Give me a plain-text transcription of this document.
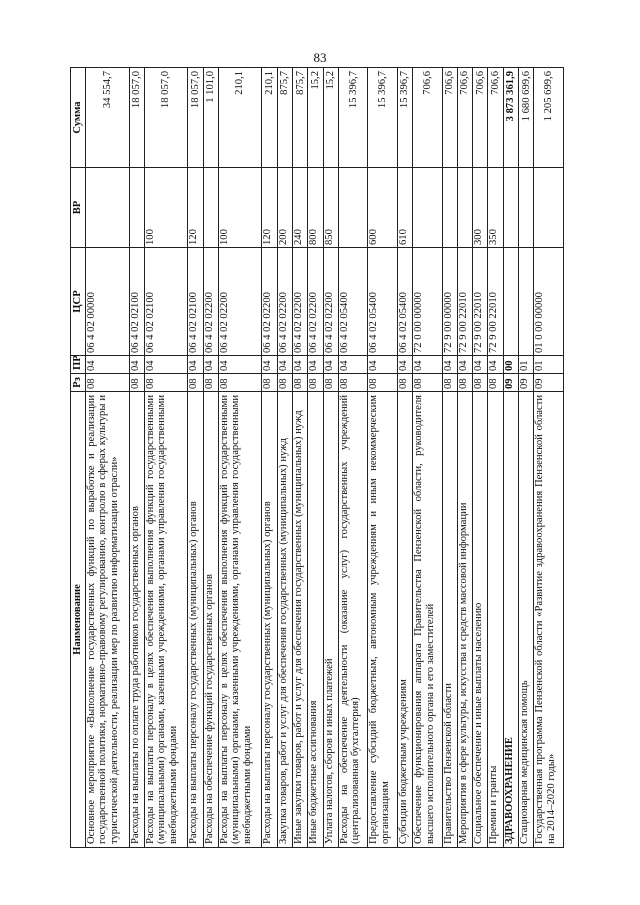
83
Наименование	Рз	ПР	ЦСР	ВР	Сумма
Основное мероприятие «Выполнение государственных функций по выработке и реализации государственной политики, нормативно-правовому регулированию, контролю в сферах культуры и туристической деятельности, реализации мер по развитию информатизации отрасли»	08	04	06 4 02 00000		34 554,7
Расходы на выплаты по оплате труда работников государственных органов	08	04	06 4 02 02100		18 057,0
Расходы на выплаты персоналу в целях обеспечения выполнения функций государственными (муниципальными) органами, казенными учреждениями, органами управления государственными внебюджетными фондами	08	04	06 4 02 02100	100	18 057,0
Расходы на выплаты персоналу государственных (муниципальных) органов	08	04	06 4 02 02100	120	18 057,0
Расходы на обеспечение функций государственных органов	08	04	06 4 02 02200		1 101,0
Расходы на выплаты персоналу в целях обеспечения выполнения функций государственными (муниципальными) органами, казенными учреждениями, органами управления государственными внебюджетными фондами	08	04	06 4 02 02200	100	210,1
Расходы на выплаты персоналу государственных (муниципальных) органов	08	04	06 4 02 02200	120	210,1
Закупка товаров, работ и услуг для обеспечения государственных (муниципальных) нужд	08	04	06 4 02 02200	200	875,7
Иные закупки товаров, работ и услуг для обеспечения государственных (муниципальных) нужд	08	04	06 4 02 02200	240	875,7
Иные бюджетные ассигнования	08	04	06 4 02 02200	800	15,2
Уплата налогов, сборов и иных платежей	08	04	06 4 02 02200	850	15,2
Расходы на обеспечение деятельности (оказание услуг) государственных учреждений (централизованная бухгалтерия)	08	04	06 4 02 05400		15 396,7
Предоставление субсидий бюджетным, автономным учреждениям и иным некоммерческим организациям	08	04	06 4 02 05400	600	15 396,7
Субсидии бюджетным учреждениям	08	04	06 4 02 05400	610	15 396,7
Обеспечение функционирования аппарата Правительства Пензенской области, руководителя высшего исполнительного органа и его заместителей	08	04	72 0 00 00000		706,6
Правительство Пензенской области	08	04	72 9 00 00000		706,6
Мероприятия в сфере культуры, искусства и средств массовой информации	08	04	72 9 00 22010		706,6
Социальное обеспечение и иные выплаты населению	08	04	72 9 00 22010	300	706,6
Премии и гранты	08	04	72 9 00 22010	350	706,6
ЗДРАВООХРАНЕНИЕ	09	00			3 873 361,9
Стационарная медицинская помощь	09	01			1 680 699,6
Государственная программа Пензенской области «Развитие здравоохранения Пензенской области на 2014–2020 годы»	09	01	01 0 00 00000		1 205 699,6
